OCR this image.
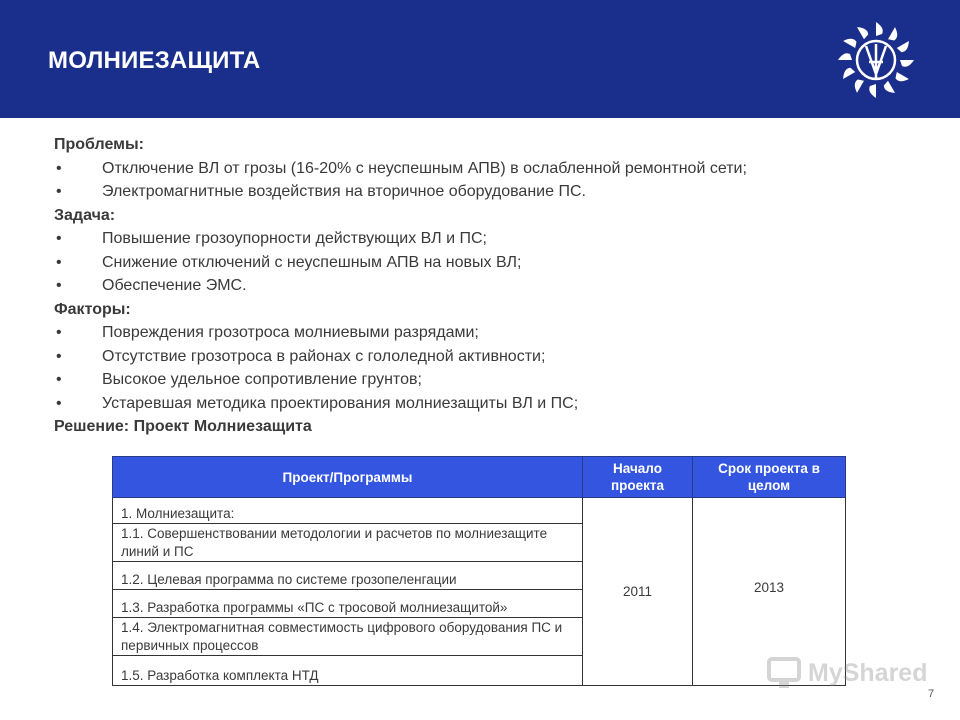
МОЛНИЕЗАЩИТА
Проблемы:
•	Отключение ВЛ от грозы (16-20% с неуспешным АПВ) в ослабленной ремонтной сети;
•	Электромагнитные воздействия на вторичное оборудование ПС.
Задача:
•	Повышение грозоупорности действующих ВЛ и ПС;
•	Снижение отключений с неуспешным АПВ на новых ВЛ;
•	Обеспечение ЭМС.
Факторы:
•	Повреждения грозотроса молниевыми разрядами;
•	Отсутствие грозотроса в районах с гололедной активности;
•	Высокое удельное сопротивление грунтов;
•	Устаревшая методика проектирования молниезащиты ВЛ и ПС;
Решение: Проект Молниезащита
Проект/Программы	Начало проекта	Срок проекта в целом
1. Молниезащита:	2011	2013
1.1. Совершенствовании методологии и расчетов по молниезащите линий и ПС		
1.2. Целевая программа по системе грозопеленгации		
1.3. Разработка программы «ПС с тросовой молниезащитой»		
1.4. Электромагнитная совместимость цифрового оборудования ПС и первичных процессов		
1.5. Разработка комплекта НТД			MyShared
7
